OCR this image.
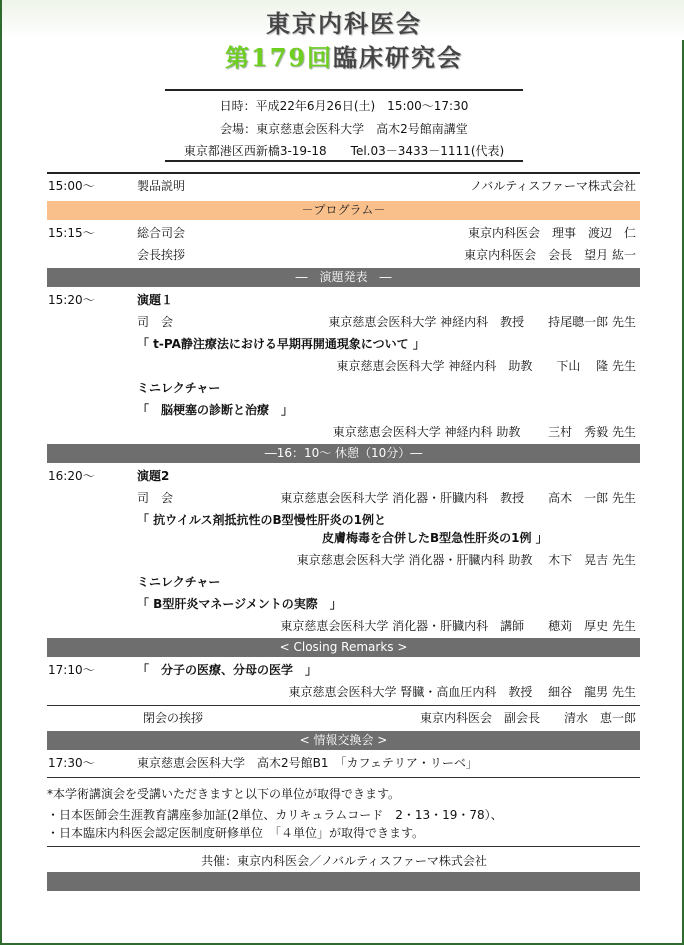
東京内科医会
第179回臨床研究会
日時：平成22年6月26日(土)　15:00～17:30
会場：東京慈恵会医科大学　高木2号館南講堂
東京都港区西新橋3-19-18　　Tel.03－3433－1111(代表)
15:00～	製品説明	ノバルティスファーマ株式会社
－プログラム－
15:15～	総合司会	東京内科医会　理事　渡辺　仁
会長挨拶	東京内科医会　会長　望月 紘一
―　演題発表　―
15:20～	演題１
司　会	東京慈恵会医科大学 神経内科　教授　　持尾聰一郎 先生
「 t-PA静注療法における早期再開通現象について 」
東京慈恵会医科大学 神経内科　助教　　下山　 隆 先生
ミニレクチャー
「　脳梗塞の診断と治療　」
東京慈恵会医科大学 神経内科 助教　　 三村　秀毅 先生
―16：10～ 休憩（10分）―
16:20～	演題2
司　会	東京慈恵会医科大学 消化器・肝臓内科　教授　　高木　一郎 先生
「 抗ウイルス剤抵抗性のB型慢性肝炎の1例と
皮膚梅毒を合併したB型急性肝炎の1例 」
東京慈恵会医科大学 消化器・肝臓内科 助教　 木下　晃吉 先生
ミニレクチャー
「 B型肝炎マネージメントの実際　」
東京慈恵会医科大学 消化器・肝臓内科　講師　　穂苅　厚史 先生
< Closing Remarks >
17:10～	「　分子の医療、分母の医学　」
東京慈恵会医科大学 腎臓・高血圧内科　教授　 細谷　龍男 先生
閉会の挨拶	東京内科医会　副会長　　清水　恵一郎
< 情報交換会 >
17:30～	東京慈恵会医科大学　高木2号館B1　「カフェテリア・リーベ」
*本学術講演会を受講いただきますと以下の単位が取得できます。
・日本医師会生涯教育講座参加証(2単位、カリキュラムコード　2・13・19・78）、
・日本臨床内科医会認定医制度研修単位　「４単位」が取得できます。
共催：東京内科医会／ノバルティスファーマ株式会社
